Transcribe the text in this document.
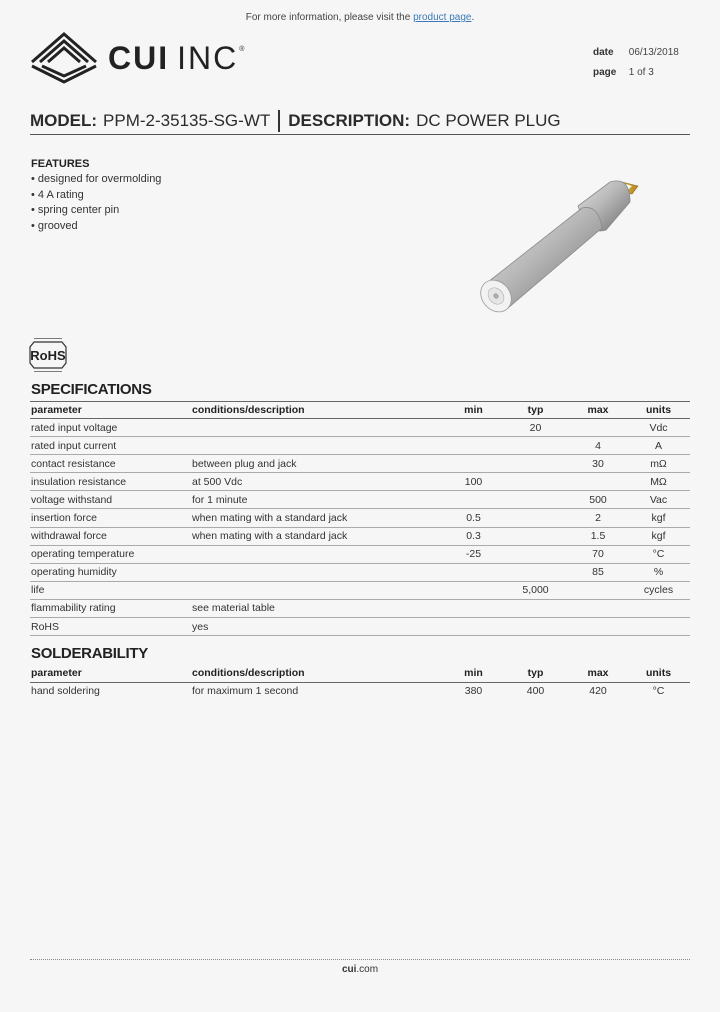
For more information, please visit the product page.
CUI INC ®	date 06/13/2018
page 1 of 3
MODEL: PPM-2-35135-SG-WT DESCRIPTION: DC POWER PLUG
FEATURES
• designed for overmolding
• 4 A rating
• spring center pin
• grooved
RoHS
SPECIFICATIONS
parameter	conditions/description	min	typ	max	units
rated input voltage			20		Vdc
rated input current				4	A
contact resistance	between plug and jack			30	mΩ
insulation resistance	at 500 Vdc	100			MΩ
voltage withstand	for 1 minute			500	Vac
insertion force	when mating with a standard jack	0.5		2	kgf
withdrawal force	when mating with a standard jack	0.3		1.5	kgf
operating temperature		-25		70	°C
operating humidity				85	%
life			5,000		cycles
flammability rating	see material table				
RoHS	yes				
SOLDERABILITY
parameter	conditions/description	min	typ	max	units
hand soldering	for maximum 1 second	380	400	420	°C
cui.com
